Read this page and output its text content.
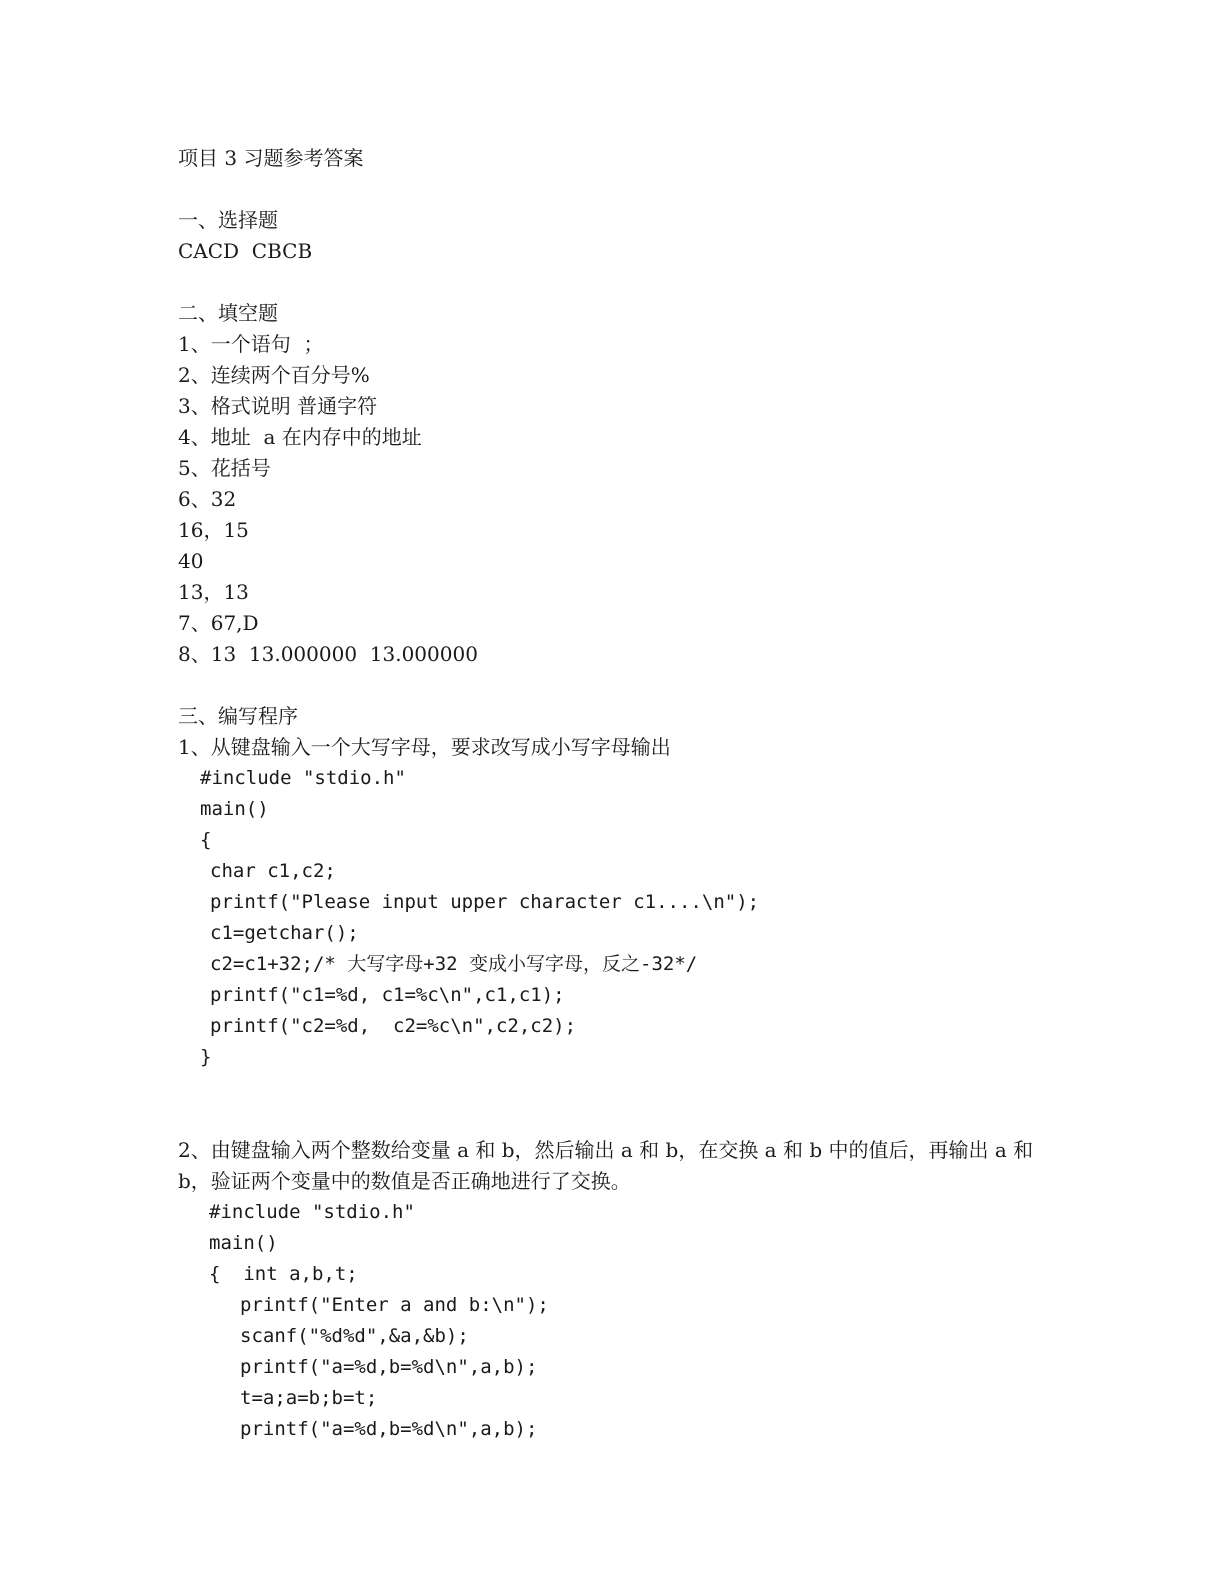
项目 3 习题参考答案
一、选择题
CACD  CBCB
二、填空题
1、一个语句  ；
2、连续两个百分号%
3、格式说明 普通字符
4、地址  a 在内存中的地址
5、花括号
6、32
16，15
40
13，13
7、67,D
8、13  13.000000  13.000000
三、编写程序
1、从键盘输入一个大写字母，要求改写成小写字母输出
#include "stdio.h"
main()
{
char c1,c2;
printf("Please input upper character c1....\n");
c1=getchar();
c2=c1+32;/* 大写字母+32 变成小写字母，反之-32*/
printf("c1=%d, c1=%c\n",c1,c1);
printf("c2=%d,  c2=%c\n",c2,c2);
}
2、由键盘输入两个整数给变量 a 和 b，然后输出 a 和 b，在交换 a 和 b 中的值后，再输出 a 和 b，验证两个变量中的数值是否正确地进行了交换。
#include "stdio.h"
main()
{  int a,b,t;
printf("Enter a and b:\n");
scanf("%d%d",&a,&b);
printf("a=%d,b=%d\n",a,b);
t=a;a=b;b=t;
printf("a=%d,b=%d\n",a,b);
